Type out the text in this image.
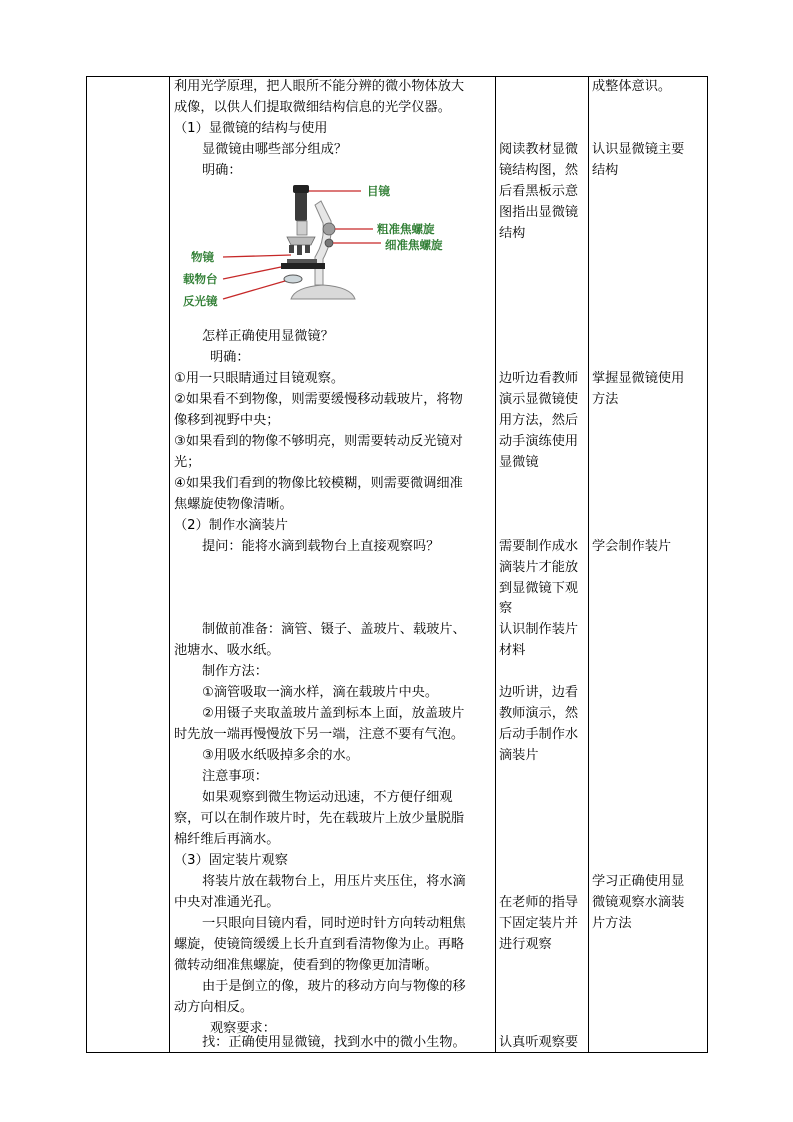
利用光学原理，把人眼所不能分辨的微小物体放大
成像，以供人们提取微细结构信息的光学仪器。
（1）显微镜的结构与使用
显微镜由哪些部分组成？
明确：
怎样正确使用显微镜？
明确：
①用一只眼睛通过目镜观察。
②如果看不到物像，则需要缓慢移动载玻片，将物
像移到视野中央；
③如果看到的物像不够明亮，则需要转动反光镜对
光；
④如果我们看到的物像比较模糊，则需要微调细准
焦螺旋使物像清晰。
（2）制作水滴装片
提问：能将水滴到载物台上直接观察吗？
制做前准备：滴管、镊子、盖玻片、载玻片、
池塘水、吸水纸。
制作方法：
①滴管吸取一滴水样，滴在载玻片中央。
②用镊子夹取盖玻片盖到标本上面，放盖玻片
时先放一端再慢慢放下另一端，注意不要有气泡。
③用吸水纸吸掉多余的水。
注意事项：
如果观察到微生物运动迅速，不方便仔细观
察，可以在制作玻片时，先在载玻片上放少量脱脂
棉纤维后再滴水。
（3）固定装片观察
将装片放在载物台上，用压片夹压住，将水滴
中央对准通光孔。
一只眼向目镜内看，同时逆时针方向转动粗焦
螺旋，使镜筒缓缓上长升直到看清物像为止。再略
微转动细准焦螺旋，使看到的物像更加清晰。
由于是倒立的像，玻片的移动方向与物像的移
动方向相反。
观察要求：
找：正确使用显微镜，找到水中的微小生物。
目镜
粗准焦螺旋
细准焦螺旋
物镜
载物台
反光镜
阅读教材显微
镜结构图，然
后看黑板示意
图指出显微镜
结构
边听边看教师
演示显微镜使
用方法，然后
动手演练使用
显微镜
需要制作成水
滴装片才能放
到显微镜下观
察
认识制作装片
材料
边听讲，边看
教师演示，然
后动手制作水
滴装片
在老师的指导
下固定装片并
进行观察
认真听观察要
成整体意识。
认识显微镜主要
结构
掌握显微镜使用
方法
学会制作装片
学习正确使用显
微镜观察水滴装
片方法
